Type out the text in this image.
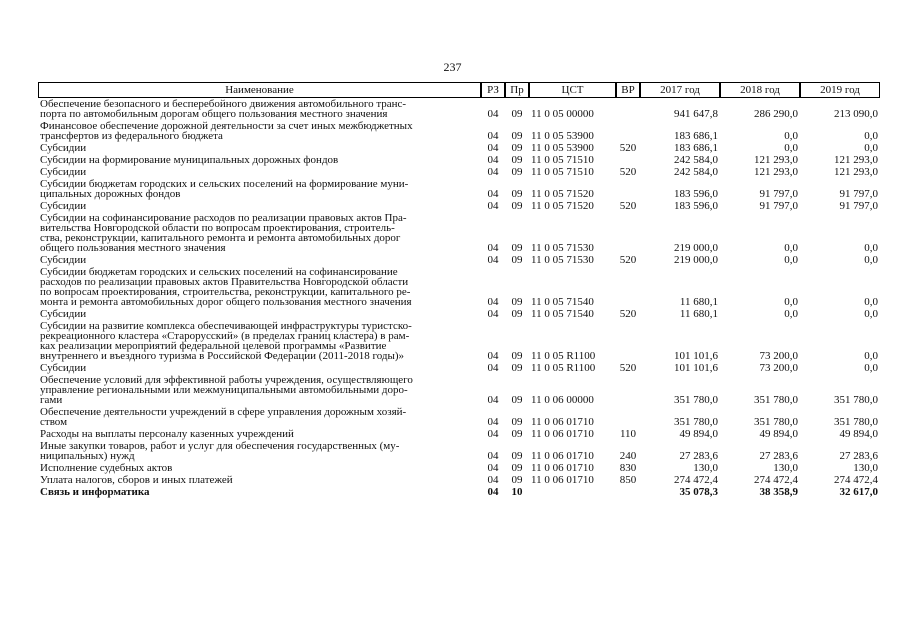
237
Наименование	РЗ	Пр	ЦСТ	ВР	2017 год	2018 год	2019 год
Обеспечение безопасного и бесперебойного движения автомобильного транс-
порта по автомобильным дорогам общего пользования местного значения	04	09	11 0 05 00000		941 647,8	286 290,0	213 090,0
Финансовое обеспечение дорожной деятельности за счет иных межбюджетных
трансфертов из федерального бюджета	04	09	11 0 05 53900		183 686,1	0,0	0,0
Субсидии	04	09	11 0 05 53900	520	183 686,1	0,0	0,0
Субсидии на формирование муниципальных дорожных фондов	04	09	11 0 05 71510		242 584,0	121 293,0	121 293,0
Субсидии	04	09	11 0 05 71510	520	242 584,0	121 293,0	121 293,0
Субсидии бюджетам городских и сельских поселений на формирование муни-
ципальных дорожных фондов	04	09	11 0 05 71520		183 596,0	91 797,0	91 797,0
Субсидии	04	09	11 0 05 71520	520	183 596,0	91 797,0	91 797,0
Субсидии на софинансирование расходов по реализации правовых актов Пра-
вительства Новгородской области по вопросам проектирования, строитель-
ства, реконструкции, капитального ремонта и ремонта автомобильных дорог
общего пользования местного значения	04	09	11 0 05 71530		219 000,0	0,0	0,0
Субсидии	04	09	11 0 05 71530	520	219 000,0	0,0	0,0
Субсидии бюджетам городских и сельских поселений на софинансирование
расходов по реализации правовых актов Правительства Новгородской области
по вопросам проектирования, строительства, реконструкции, капитального ре-
монта и ремонта автомобильных дорог общего пользования местного значения	04	09	11 0 05 71540		11 680,1	0,0	0,0
Субсидии	04	09	11 0 05 71540	520	11 680,1	0,0	0,0
Субсидии на развитие комплекса обеспечивающей инфраструктуры туристско-
рекреационного кластера «Старорусский» (в пределах границ кластера) в рам-
ках реализации мероприятий федеральной целевой программы «Развитие
внутреннего и въездного туризма в Российской Федерации (2011-2018 годы)»	04	09	11 0 05 R1100		101 101,6	73 200,0	0,0
Субсидии	04	09	11 0 05 R1100	520	101 101,6	73 200,0	0,0
Обеспечение условий для эффективной работы учреждения, осуществляющего
управление региональными или межмуниципальными автомобильными доро-
гами	04	09	11 0 06 00000		351 780,0	351 780,0	351 780,0
Обеспечение деятельности учреждений в сфере управления дорожным хозяй-
ством	04	09	11 0 06 01710		351 780,0	351 780,0	351 780,0
Расходы на выплаты персоналу казенных учреждений	04	09	11 0 06 01710	110	49 894,0	49 894,0	49 894,0
Иные закупки товаров, работ и услуг для обеспечения государственных (му-
ниципальных) нужд	04	09	11 0 06 01710	240	27 283,6	27 283,6	27 283,6
Исполнение судебных актов	04	09	11 0 06 01710	830	130,0	130,0	130,0
Уплата налогов, сборов и иных платежей	04	09	11 0 06 01710	850	274 472,4	274 472,4	274 472,4
Связь и информатика	04	10			35 078,3	38 358,9	32 617,0
